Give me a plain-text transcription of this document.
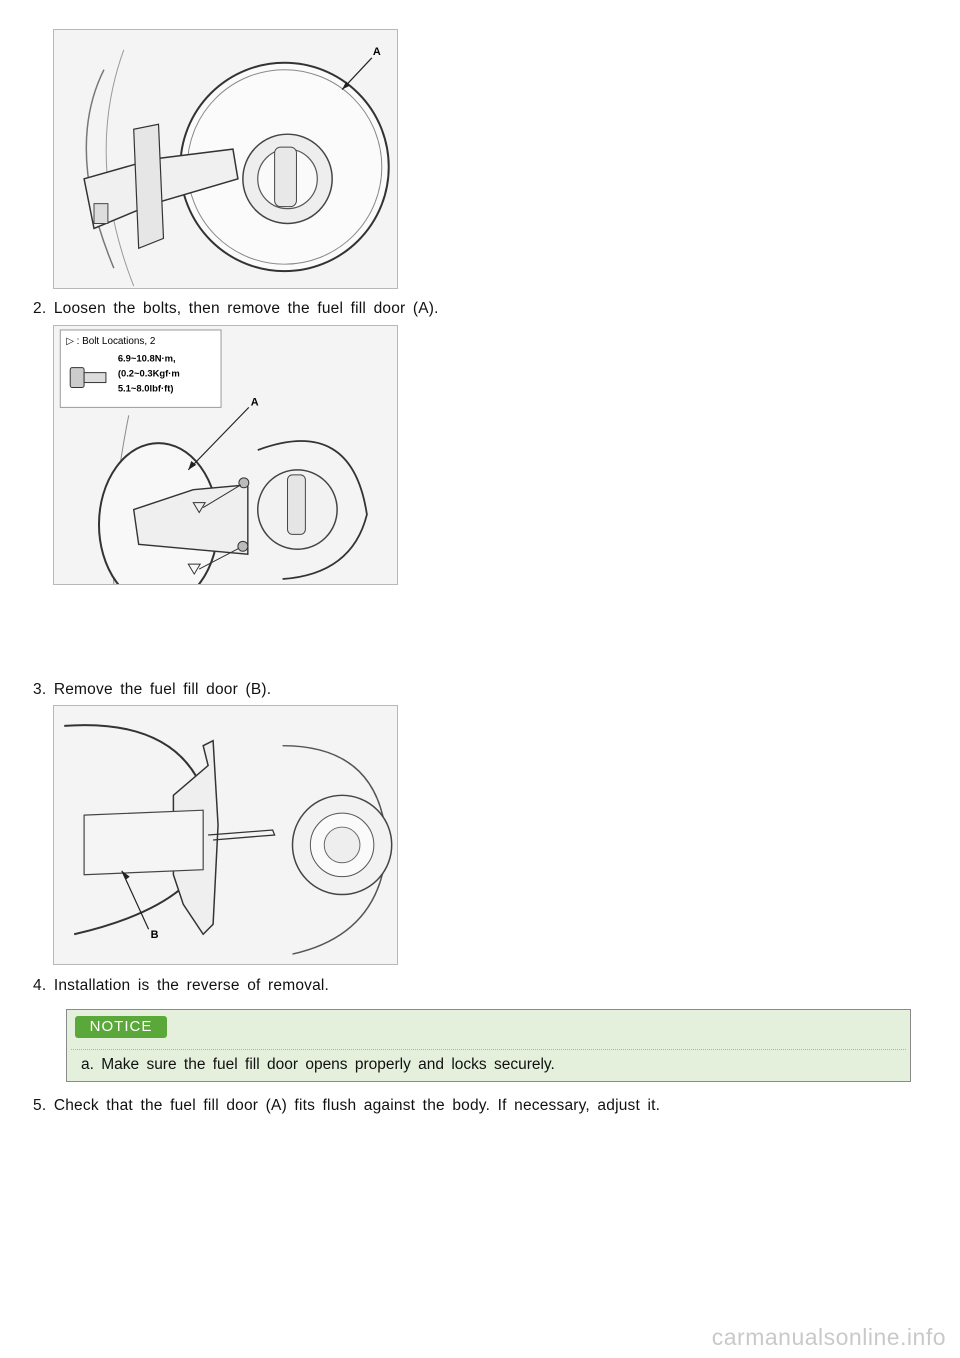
A
2. Loosen the bolts, then remove the fuel fill door (A).
▷ : Bolt Locations, 2
6.9~10.8N·m,
(0.2~0.3Kgf·m
5.1~8.0lbf·ft)
A
3. Remove the fuel fill door (B).
B
4. Installation is the reverse of removal.
NOTICE
a. Make sure the fuel fill door opens properly and locks securely.
5. Check that the fuel fill door (A) fits flush against the body. If necessary, adjust it.
carmanualsonline.info
